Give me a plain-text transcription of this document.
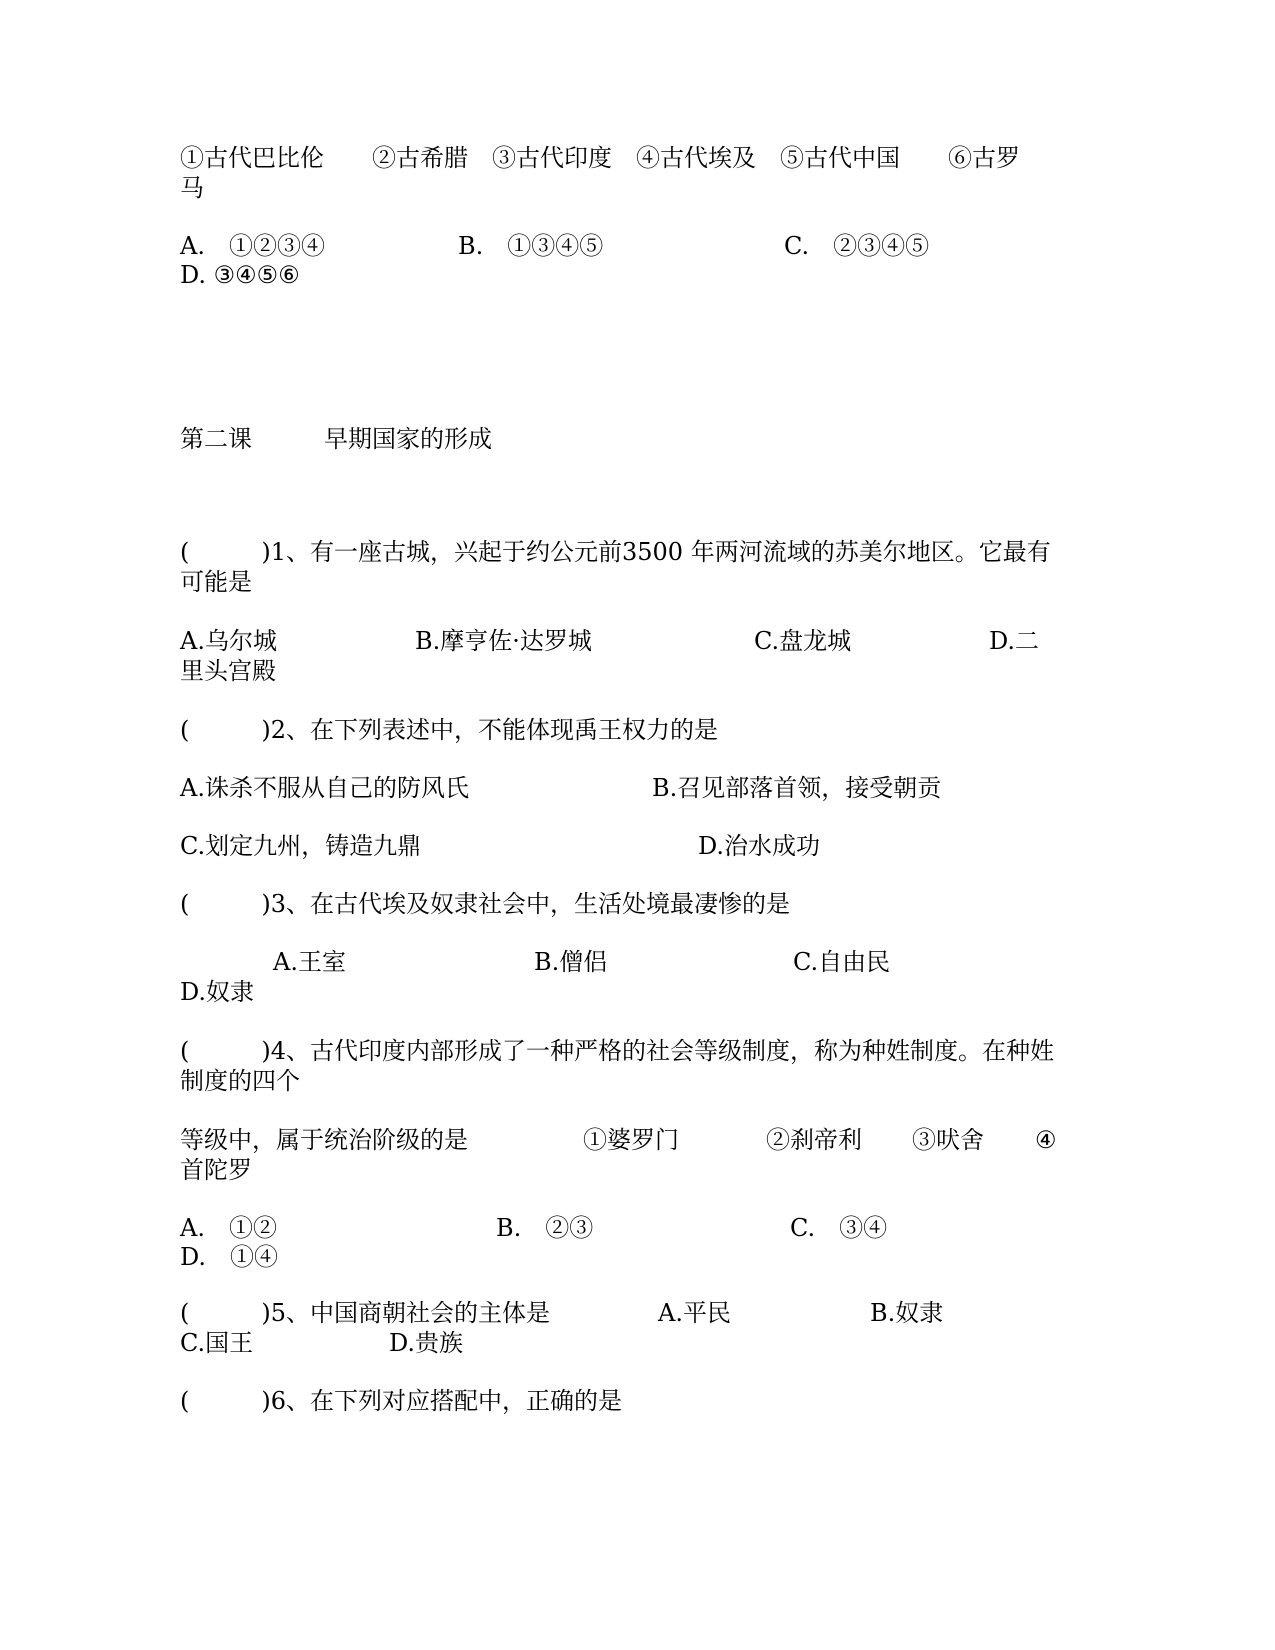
①古代巴比伦　　②古希腊　③古代印度　④古代埃及　⑤古代中国　　⑥古罗
马
A.　①②③④	B.　①③④⑤	C.　②③④⑤
D. ③④⑤⑥
第二课　　　早期国家的形成
(　　　)1、有一座古城，兴起于约公元前3500 年两河流域的苏美尔地区。它最有
可能是
A.乌尔城	B.摩亨佐·达罗城	C.盘龙城	D.二
里头宫殿
(　　　)2、在下列表述中，不能体现禹王权力的是
A.诛杀不服从自己的防风氏	B.召见部落首领，接受朝贡
C.划定九州，铸造九鼎	D.治水成功
(　　　)3、在古代埃及奴隶社会中，生活处境最凄惨的是
A.王室	B.僧侣	C.自由民
D.奴隶
(　　　)4、古代印度内部形成了一种严格的社会等级制度，称为种姓制度。在种姓
制度的四个
等级中，属于统治阶级的是	①婆罗门	②刹帝利 ③吠舍 ④
首陀罗
A.　①②	B.　②③	C.　③④
D.　①④
(　　　)5、中国商朝社会的主体是	A.平民	B.奴隶
C.国王	D.贵族
(　　　)6、在下列对应搭配中，正确的是
